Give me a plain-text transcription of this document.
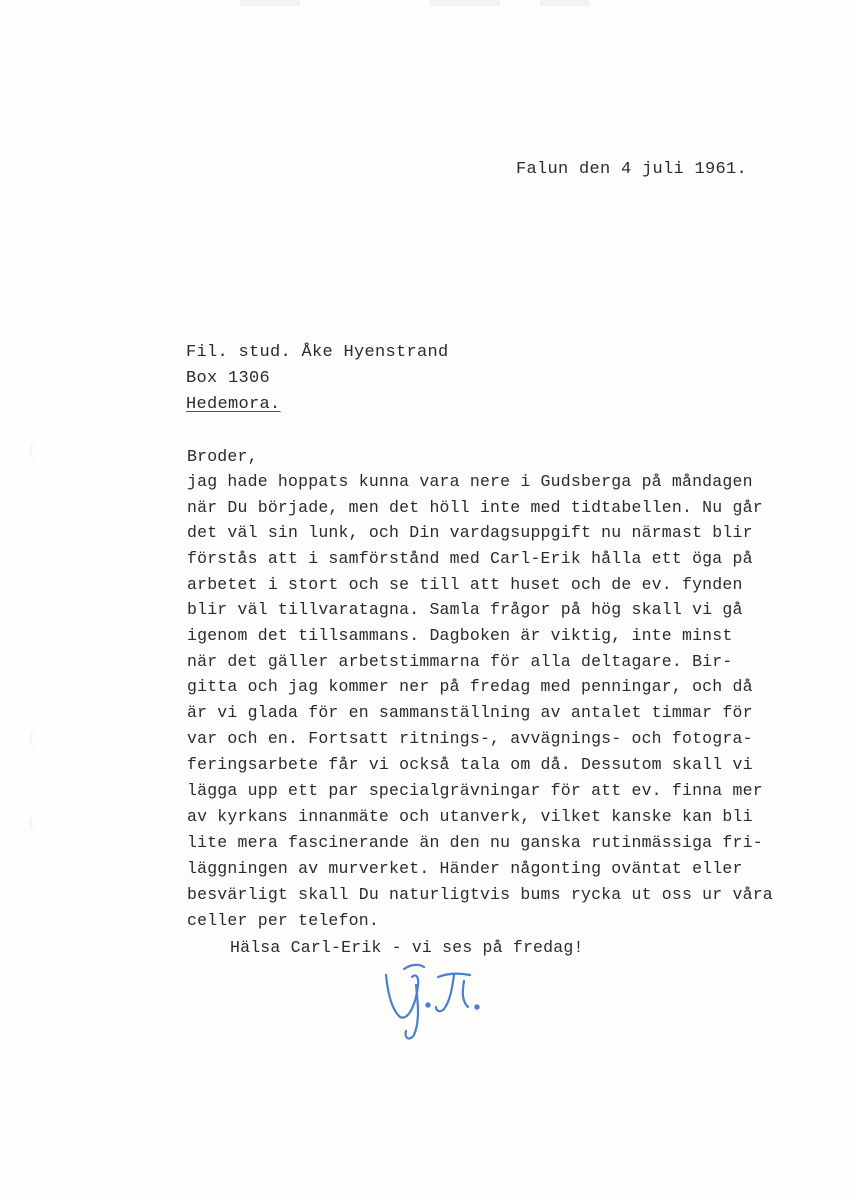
Falun den 4 juli 1961.

Fil. stud. Åke Hyenstrand

Box 1306

Hedemora.

Broder,

jag hade hoppats kunna vara nere i Gudsberga på måndagen

när Du började, men det höll inte med tidtabellen. Nu går

det väl sin lunk, och Din vardagsuppgift nu närmast blir

förstås att i samförstånd med Carl-Erik hålla ett öga på

arbetet i stort och se till att huset och de ev. fynden

blir väl tillvaratagna. Samla frågor på hög skall vi gå

igenom det tillsammans. Dagboken är viktig, inte minst

när det gäller arbetstimmarna för alla deltagare. Bir-

gitta och jag kommer ner på fredag med penningar, och då

är vi glada för en sammanställning av antalet timmar för

var och en. Fortsatt ritnings-, avvägnings- och fotogra-

feringsarbete får vi också tala om då. Dessutom skall vi

lägga upp ett par specialgrävningar för att ev. finna mer

av kyrkans innanmäte och utanverk, vilket kanske kan bli

lite mera fascinerande än den nu ganska rutinmässiga fri-

läggningen av murverket. Händer någonting oväntat eller

besvärligt skall Du naturligtvis bums rycka ut oss ur våra

celler per telefon.

Hälsa Carl-Erik - vi ses på fredag!
